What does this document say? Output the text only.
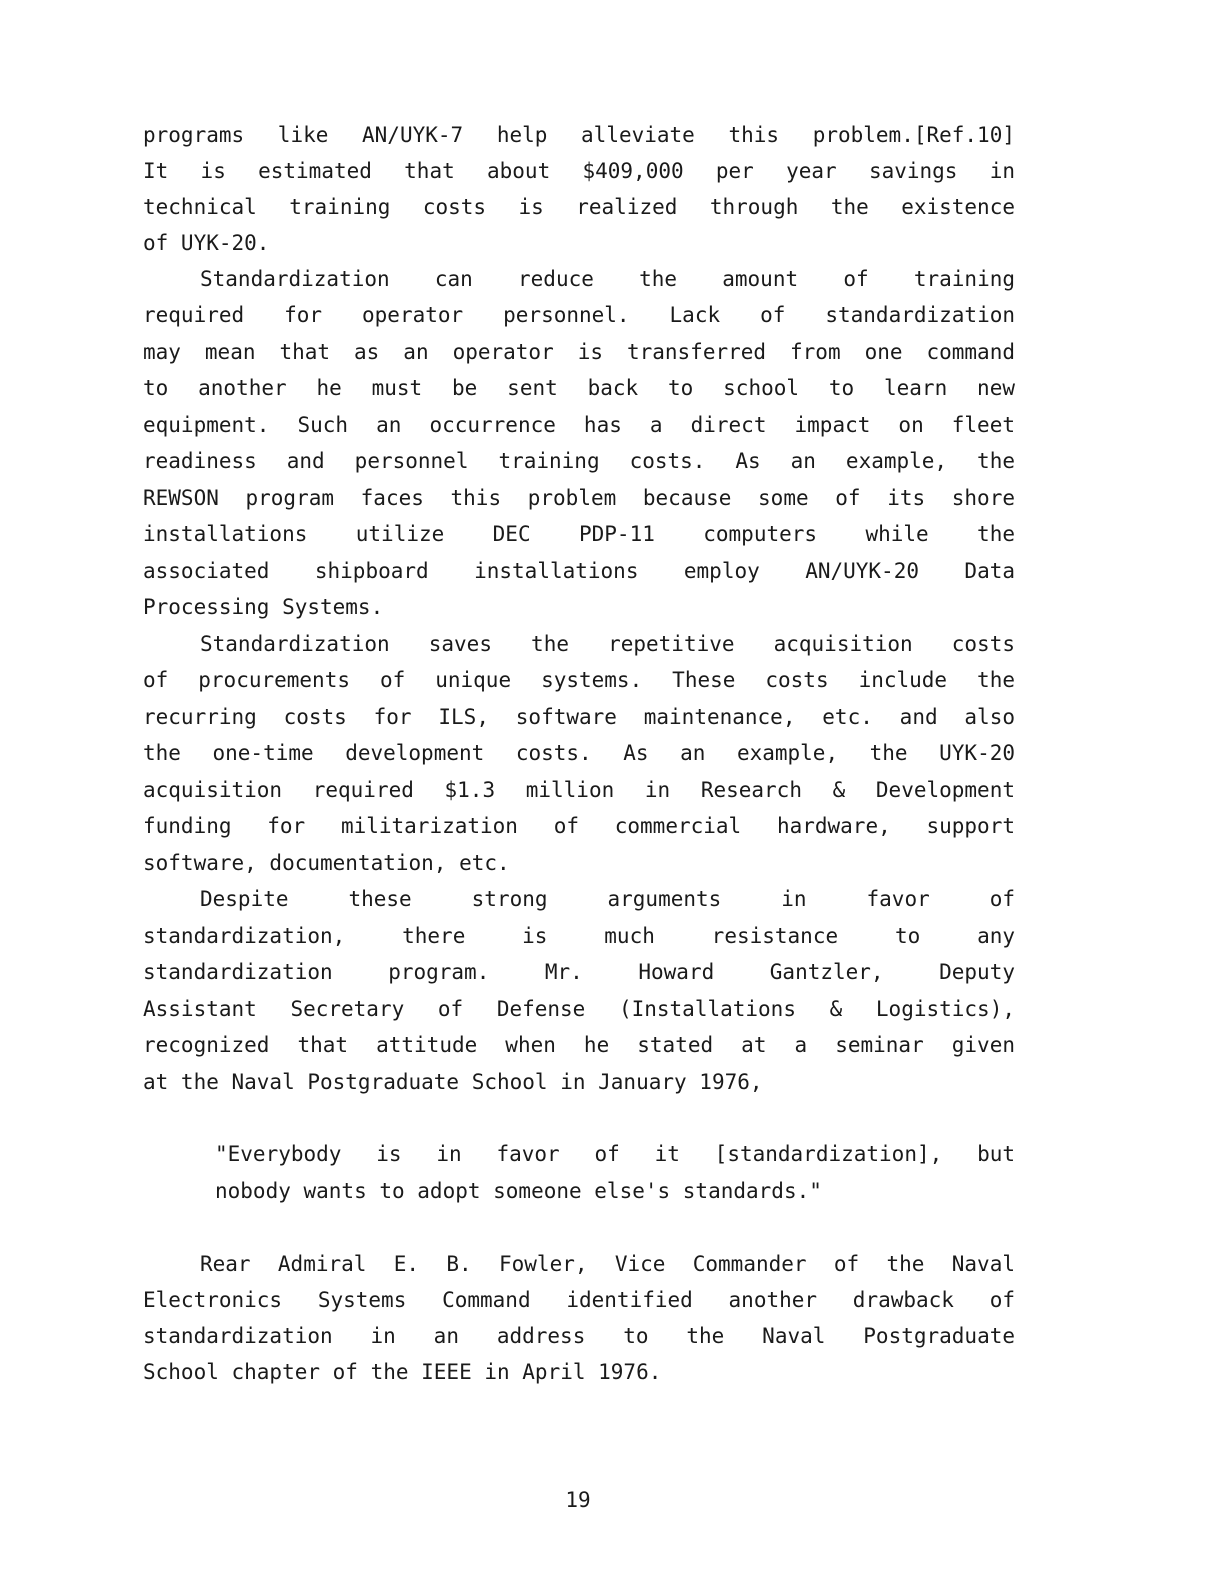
programs like AN/UYK-7 help alleviate this problem.[Ref.10]

It is estimated that about $409,000 per year savings in

technical training costs is realized through the existence

of UYK-20.

Standardization can reduce the amount of training

required for operator personnel. Lack of standardization

may mean that as an operator is transferred from one command

to another he must be sent back to school to learn new

equipment. Such an occurrence has a direct impact on fleet

readiness and personnel training costs. As an example, the

REWSON program faces this problem because some of its shore

installations utilize DEC PDP-11 computers while the

associated shipboard installations employ AN/UYK-20 Data

Processing Systems.

Standardization saves the repetitive acquisition costs

of procurements of unique systems. These costs include the

recurring costs for ILS, software maintenance, etc. and also

the one-time development costs. As an example, the UYK-20

acquisition required $1.3 million in Research & Development

funding for militarization of commercial hardware, support

software, documentation, etc.

Despite these strong arguments in favor of

standardization, there is much resistance to any

standardization program. Mr. Howard Gantzler, Deputy

Assistant Secretary of Defense (Installations & Logistics),

recognized that attitude when he stated at a seminar given

at the Naval Postgraduate School in January 1976,

"Everybody is in favor of it [standardization], but

nobody wants to adopt someone else's standards."

Rear Admiral E. B. Fowler, Vice Commander of the Naval

Electronics Systems Command identified another drawback of

standardization in an address to the Naval Postgraduate

School chapter of the IEEE in April 1976.

19
